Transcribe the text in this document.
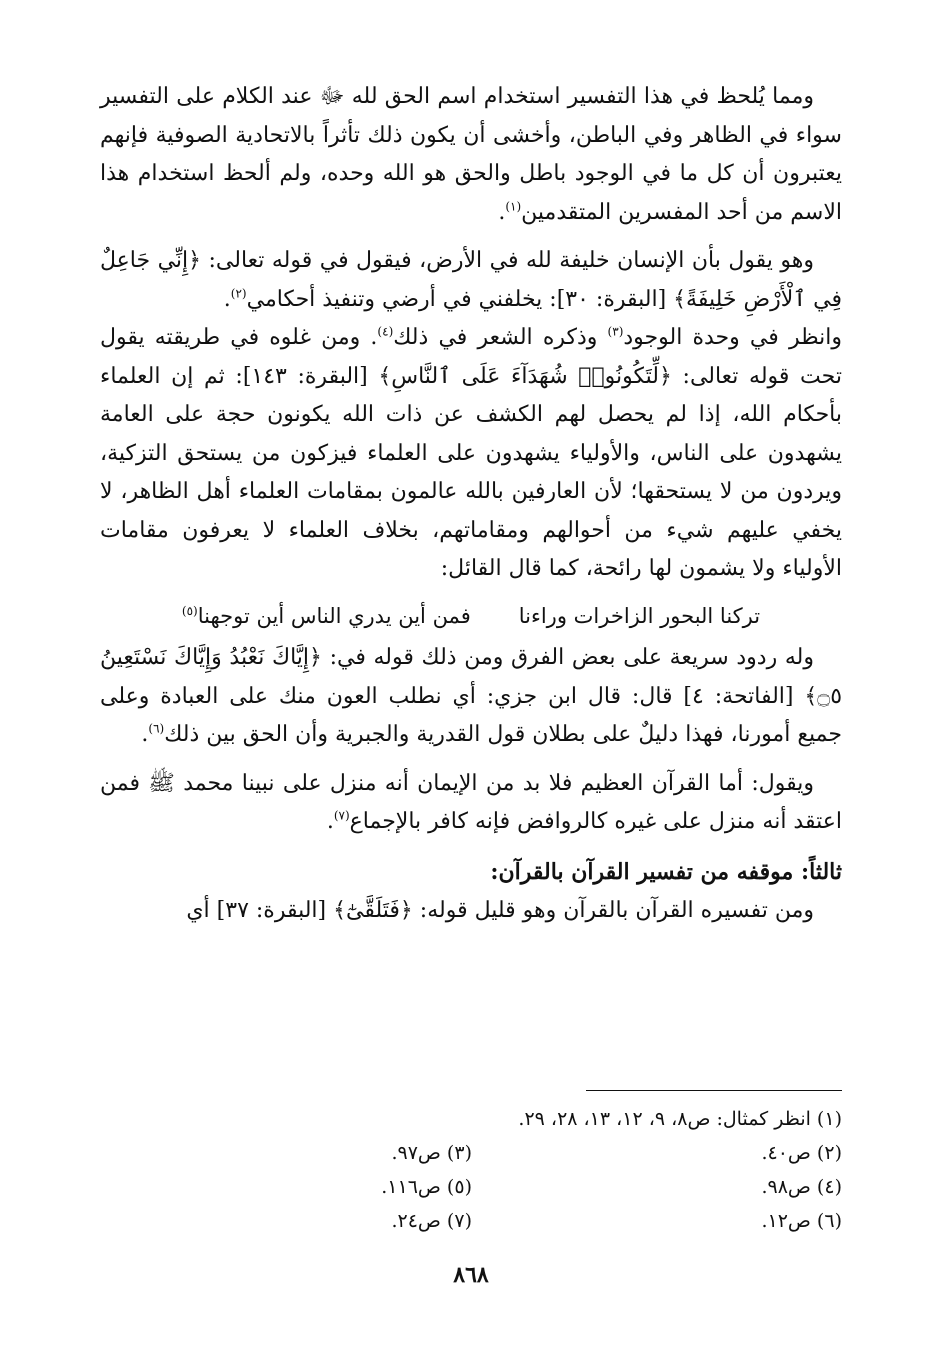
ومما يُلحظ في هذا التفسير استخدام اسم الحق لله ﷻ عند الكلام على التفسير سواء في الظاهر وفي الباطن، وأخشى أن يكون ذلك تأثراً بالاتحادية الصوفية فإنهم يعتبرون أن كل ما في الوجود باطل والحق هو الله وحده، ولم ألحظ استخدام هذا الاسم من أحد المفسرين المتقدمين$^{(١)}$.

وهو يقول بأن الإنسان خليفة لله في الأرض، فيقول في قوله تعالى: ﴿إِنِّي جَاعِلٌ فِي ٱلْأَرْضِ خَلِيفَةً﴾ [البقرة: ٣٠]: يخلفني في أرضي وتنفيذ أحكامي$^{(٢)}$.

وانظر في وحدة الوجود$^{(٣)}$ وذكره الشعر في ذلك$^{(٤)}$. ومن غلوه في طريقته يقول تحت قوله تعالى: ﴿لِّتَكُونُوا۟ شُهَدَآءَ عَلَى ٱلنَّاسِ﴾ [البقرة: ١٤٣]: ثم إن العلماء بأحكام الله، إذا لم يحصل لهم الكشف عن ذات الله يكونون حجة على العامة يشهدون على الناس، والأولياء يشهدون على العلماء فيزكون من يستحق التزكية، ويردون من لا يستحقها؛ لأن العارفين بالله عالمون بمقامات العلماء أهل الظاهر، لا يخفي عليهم شيء من أحوالهم ومقاماتهم، بخلاف العلماء لا يعرفون مقامات الأولياء ولا يشمون لها رائحة، كما قال القائل:

تركنا البحور الزاخرات وراءنا
فمن أين يدري الناس أين توجهنا$^{(٥)}$

وله ردود سريعة على بعض الفرق ومن ذلك قوله في: ﴿إِيَّاكَ نَعْبُدُ وَإِيَّاكَ نَسْتَعِينُ ۝٥﴾ [الفاتحة: ٤] قال: قال ابن جزي: أي نطلب العون منك على العبادة وعلى جميع أمورنا، فهذا دليلٌ على بطلان قول القدرية والجبرية وأن الحق بين ذلك$^{(٦)}$.

ويقول: أما القرآن العظيم فلا بد من الإيمان أنه منزل على نبينا محمد ﷺ فمن اعتقد أنه منزل على غيره كالروافض فإنه كافر بالإجماع$^{(٧)}$.

ثالثاً: موقفه من تفسير القرآن بالقرآن:

ومن تفسيره القرآن بالقرآن وهو قليل قوله: ﴿فَتَلَقَّىٰٓ﴾ [البقرة: ٣٧] أي

(١) انظر كمثال: ص٨، ٩، ١٢، ١٣، ٢٨، ٢٩.
(٢) ص٤٠.
(٣) ص٩٧.
(٤) ص٩٨.
(٥) ص١١٦.
(٦) ص١٢.
(٧) ص٢٤.
٨٦٨
